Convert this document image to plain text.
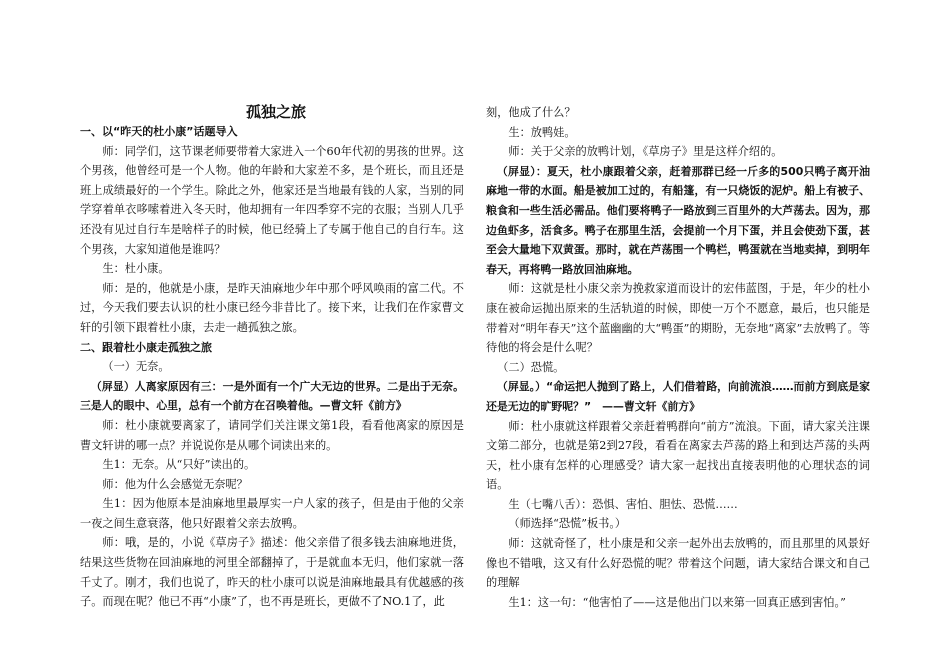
孤独之旅

一、以“昨天的杜小康”话题导入

师：同学们，这节课老师要带着大家进入一个60年代初的男孩的世界。这个男孩，他曾经可是一个人物。他的年龄和大家差不多，是个班长，而且还是班上成绩最好的一个学生。除此之外，他家还是当地最有钱的人家，当别的同学穿着单衣哆嗦着进入冬天时，他却拥有一年四季穿不完的衣服；当别人几乎还没有见过自行车是啥样子的时候，他已经骑上了专属于他自己的自行车。这个男孩，大家知道他是谁吗？

生：杜小康。

师：是的，他就是小康，是昨天油麻地少年中那个呼风唤雨的富二代。不过，今天我们要去认识的杜小康已经今非昔比了。接下来，让我们在作家曹文轩的引领下跟着杜小康，去走一趟孤独之旅。

二、跟着杜小康走孤独之旅

（一）无奈。

（屏显）人离家原因有三：一是外面有一个广大无边的世界。二是出于无奈。三是人的眼中、心里，总有一个前方在召唤着他。—曹文轩《前方》

师：杜小康就要离家了，请同学们关注课文第1段，看看他离家的原因是曹文轩讲的哪一点？并说说你是从哪个词读出来的。

生1：无奈。从“只好”读出的。

师：他为什么会感觉无奈呢？

生1：因为他原本是油麻地里最厚实一户人家的孩子，但是由于他的父亲一夜之间生意衰落，他只好跟着父亲去放鸭。

师：哦，是的，小说《草房子》描述：他父亲借了很多钱去油麻地进货，结果这些货物在回油麻地的河里全部翻掉了，于是就血本无归，他们家就一落千丈了。刚才，我们也说了，昨天的杜小康可以说是油麻地最具有优越感的孩子。而现在呢？他已不再“小康”了，也不再是班长，更做不了NO.1了，此

刻，他成了什么？

生：放鸭娃。

师：关于父亲的放鸭计划，《草房子》里是这样介绍的。

（屏显）：夏天，杜小康跟着父亲，赶着那群已经一斤多的500只鸭子离开油麻地一带的水面。船是被加工过的，有船篷，有一只烧饭的泥炉。船上有被子、粮食和一些生活必需品。他们要将鸭子一路放到三百里外的大芦荡去。因为，那边鱼虾多，活食多。鸭子在那里生活，会提前一个月下蛋，并且会使劲下蛋，甚至会大量地下双黄蛋。那时，就在芦荡围一个鸭栏，鸭蛋就在当地卖掉，到明年春天，再将鸭一路放回油麻地。

师：这就是杜小康父亲为挽救家道而设计的宏伟蓝图，于是，年少的杜小康在被命运抛出原来的生活轨道的时候，即使一万个不愿意，最后，也只能是带着对“明年春天”这个蓝幽幽的大“鸭蛋”的期盼，无奈地“离家”去放鸭了。等待他的将会是什么呢？

（二）恐慌。

（屏显。）“命运把人抛到了路上，人们借着路，向前流浪……而前方到底是家还是无边的旷野呢？”　——曹文轩《前方》

师：杜小康就这样跟着父亲赶着鸭群向“前方”流浪。下面，请大家关注课文第二部分，也就是第2到27段，看看在离家去芦荡的路上和到达芦荡的头两天，杜小康有怎样的心理感受？请大家一起找出直接表明他的心理状态的词语。

生（七嘴八舌）：恐惧、害怕、胆怯、恐慌……

（师选择“恐慌”板书。）

师：这就奇怪了，杜小康是和父亲一起外出去放鸭的，而且那里的风景好像也不错哦，这又有什么好恐慌的呢？带着这个问题，请大家结合课文和自己的理解

生1：这一句：“他害怕了——这是他出门以来第一回真正感到害怕。”
